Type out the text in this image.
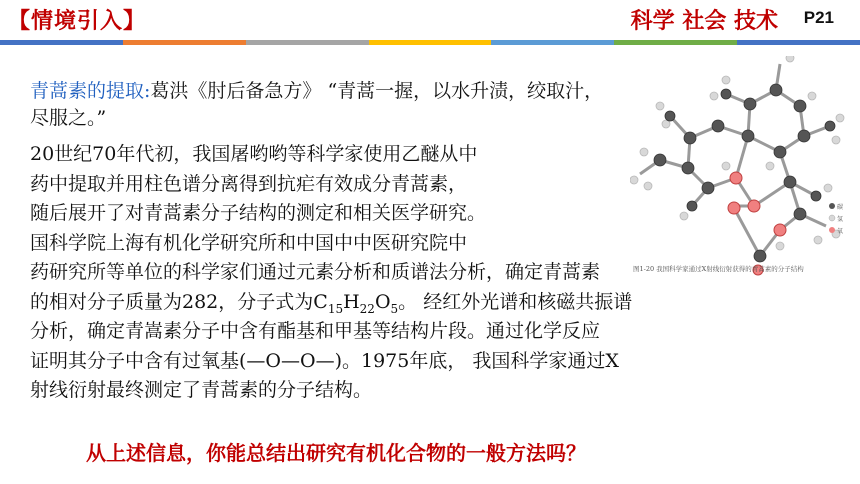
【情境引入】	科学 社会 技术 P21
青蒿素的提取:葛洪《肘后备急方》 “青蒿一握，以水升渍，绞取汁，尽服之。”
20世纪70年代初，我国屠哟哟等科学家使用乙醚从中
药中提取并用柱色谱分离得到抗疟有效成分青蒿素，
随后展开了对青蒿素分子结构的测定和相关医学研究。
国科学院上海有机化学研究所和中国中中医研究院中
药研究所等单位的科学家们通过元素分析和质谱法分析，确定青蒿素
的相对分子质量为282，分子式为$C_{15}H_{22}O_5$。 经红外光谱和核磁共振谱
分析，确定青嵩素分子中含有酯基和甲基等结构片段。通过化学反应
证明其分子中含有过氧基(—O—O—)。1975年底， 我国科学家通过X
射线衍射最终测定了青蒿素的分子结构。
碳
氢
氧
图1-20 我国科学家通过X射线衍射获得的青蒿素的分子结构
从上述信息，你能总结出研究有机化合物的一般方法吗？
